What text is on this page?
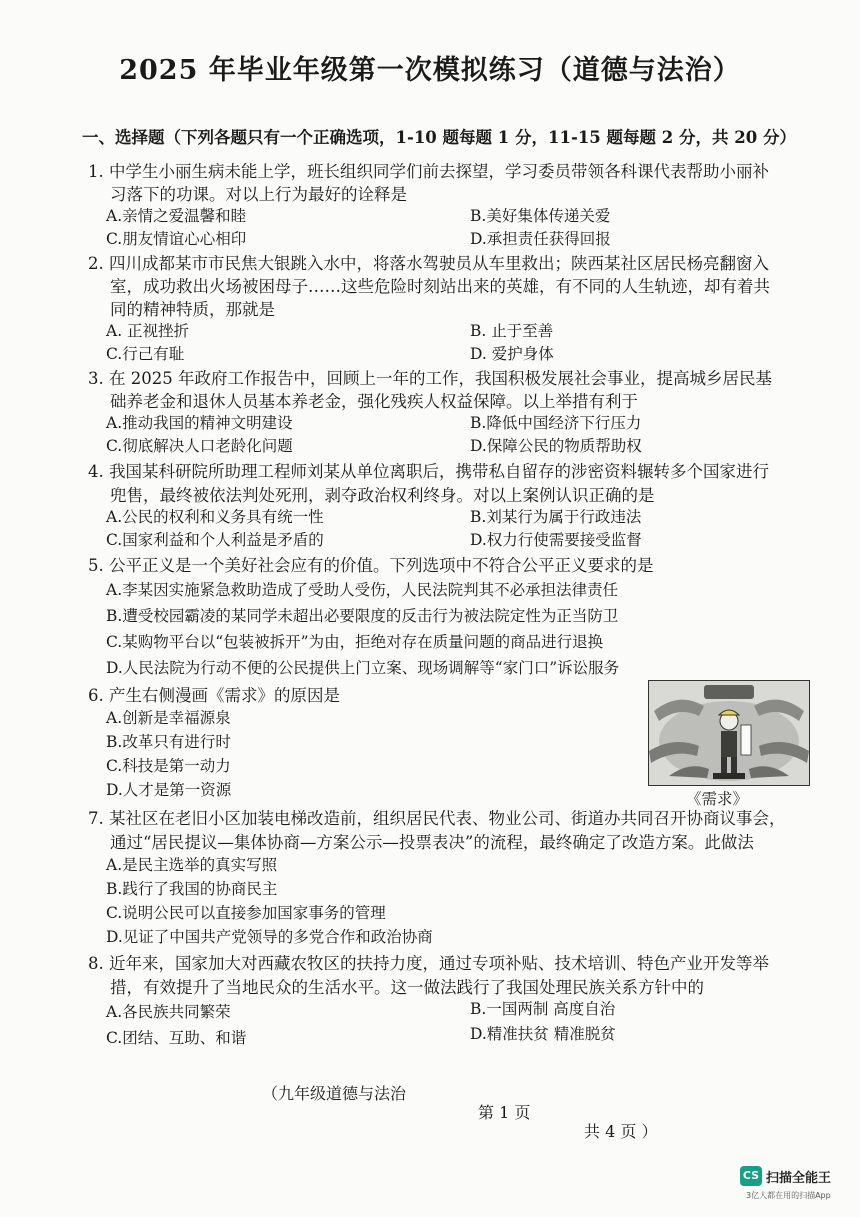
2025 年毕业年级第一次模拟练习（道德与法治）
一、选择题（下列各题只有一个正确选项，1-10 题每题 1 分，11-15 题每题 2 分，共 20 分）
1. 中学生小丽生病未能上学，班长组织同学们前去探望，学习委员带领各科课代表帮助小丽补
习落下的功课。对以上行为最好的诠释是
A.亲情之爱温馨和睦	B.美好集体传递关爱
C.朋友情谊心心相印	D.承担责任获得回报
2. 四川成都某市市民焦大银跳入水中，将落水驾驶员从车里救出；陕西某社区居民杨亮翻窗入
室，成功救出火场被困母子……这些危险时刻站出来的英雄，有不同的人生轨迹，却有着共
同的精神特质，那就是
A. 正视挫折	B. 止于至善
C.行己有耻	D. 爱护身体
3. 在 2025 年政府工作报告中，回顾上一年的工作，我国积极发展社会事业，提高城乡居民基
础养老金和退休人员基本养老金，强化残疾人权益保障。以上举措有利于
A.推动我国的精神文明建设	B.降低中国经济下行压力
C.彻底解决人口老龄化问题	D.保障公民的物质帮助权
4. 我国某科研院所助理工程师刘某从单位离职后，携带私自留存的涉密资料辗转多个国家进行
兜售，最终被依法判处死刑，剥夺政治权利终身。对以上案例认识正确的是
A.公民的权利和义务具有统一性	B.刘某行为属于行政违法
C.国家利益和个人利益是矛盾的	D.权力行使需要接受监督
5. 公平正义是一个美好社会应有的价值。下列选项中不符合公平正义要求的是
A.李某因实施紧急救助造成了受助人受伤，人民法院判其不必承担法律责任
B.遭受校园霸凌的某同学未超出必要限度的反击行为被法院定性为正当防卫
C.某购物平台以“包装被拆开”为由，拒绝对存在质量问题的商品进行退换
D.人民法院为行动不便的公民提供上门立案、现场调解等“家门口”诉讼服务
6. 产生右侧漫画《需求》的原因是
A.创新是幸福源泉
B.改革只有进行时
C.科技是第一动力
D.人才是第一资源	《需求》
7. 某社区在老旧小区加装电梯改造前，组织居民代表、物业公司、街道办共同召开协商议事会，
通过“居民提议—集体协商—方案公示—投票表决”的流程，最终确定了改造方案。此做法
A.是民主选举的真实写照
B.践行了我国的协商民主
C.说明公民可以直接参加国家事务的管理
D.见证了中国共产党领导的多党合作和政治协商
8. 近年来，国家加大对西藏农牧区的扶持力度，通过专项补贴、技术培训、特色产业开发等举
措，有效提升了当地民众的生活水平。这一做法践行了我国处理民族关系方针中的
A.各民族共同繁荣	B.一国两制 高度自治
C.团结、互助、和谐	D.精准扶贫 精准脱贫

（九年级道德与法治

第 1 页

共 4 页 ）

CS 扫描全能王
3亿人都在用的扫描App
